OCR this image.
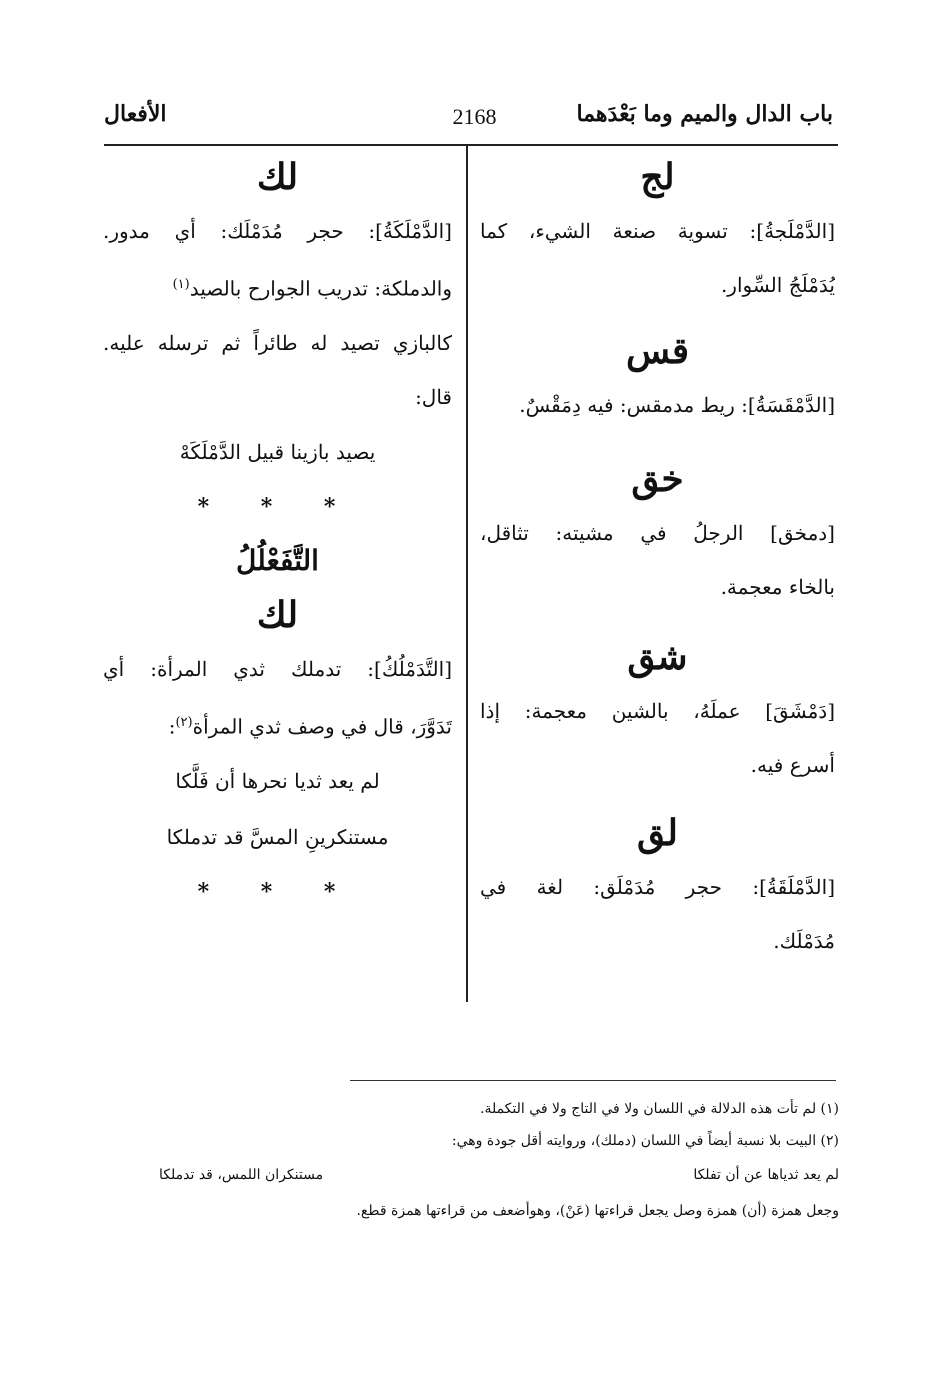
باب الدال والميم وما بَعْدَهما
2168
الأفعال

لج

[الدَّمْلَجةُ]: تسوية صنعة الشيء، كما

يُدَمْلَجُ السِّوار.

قس

[الدَّمْقَسَةُ]: ريط مدمقس: فيه دِمَقْسٌ.

خق

[دمخق] الرجلُ في مشيته: تثاقل،

بالخاء معجمة.

شق

[دَمْشَقَ] عملَهُ، بالشين معجمة: إذا

أسرع فيه.

لق

[الدَّمْلَقَةُ]: حجر مُدَمْلَق: لغة في

مُدَمْلَك.

لك

[الدَّمْلَكَةُ]: حجر مُدَمْلَك: أي مدور.

والدملكة: تدريب الجوارح بالصيد$^{(١)}$

كالبازي تصيد له طائراً ثم ترسله عليه.

قال:

يصيد بازينا قبيل الدَّمْلَكَهْ

* * *

التَّفَعْلُلُ

لك

[التَّدَمْلُكُ]: تدملك ثدي المرأة: أي

تَدَوَّرَ، قال في وصف ثدي المرأة$^{(٢)}$:

لم يعد ثديا نحرها أن فَلَّكا

مستنكرينِ المسَّ قد تدملكا

* * *

(١) لم تأت هذه الدلالة في اللسان ولا في التاج ولا في التكملة.
(٢) البيت بلا نسبة أيضاً في اللسان (دملك)، وروايته أقل جودة وهي:
لم يعد ثدياها عن أن تفلكا
مستنكران اللمس، قد تدملكا
وجعل همزة (أن) همزة وصل يجعل قراءتها (عَنْ)، وهوأضعف من قراءتها همزة قطع.
